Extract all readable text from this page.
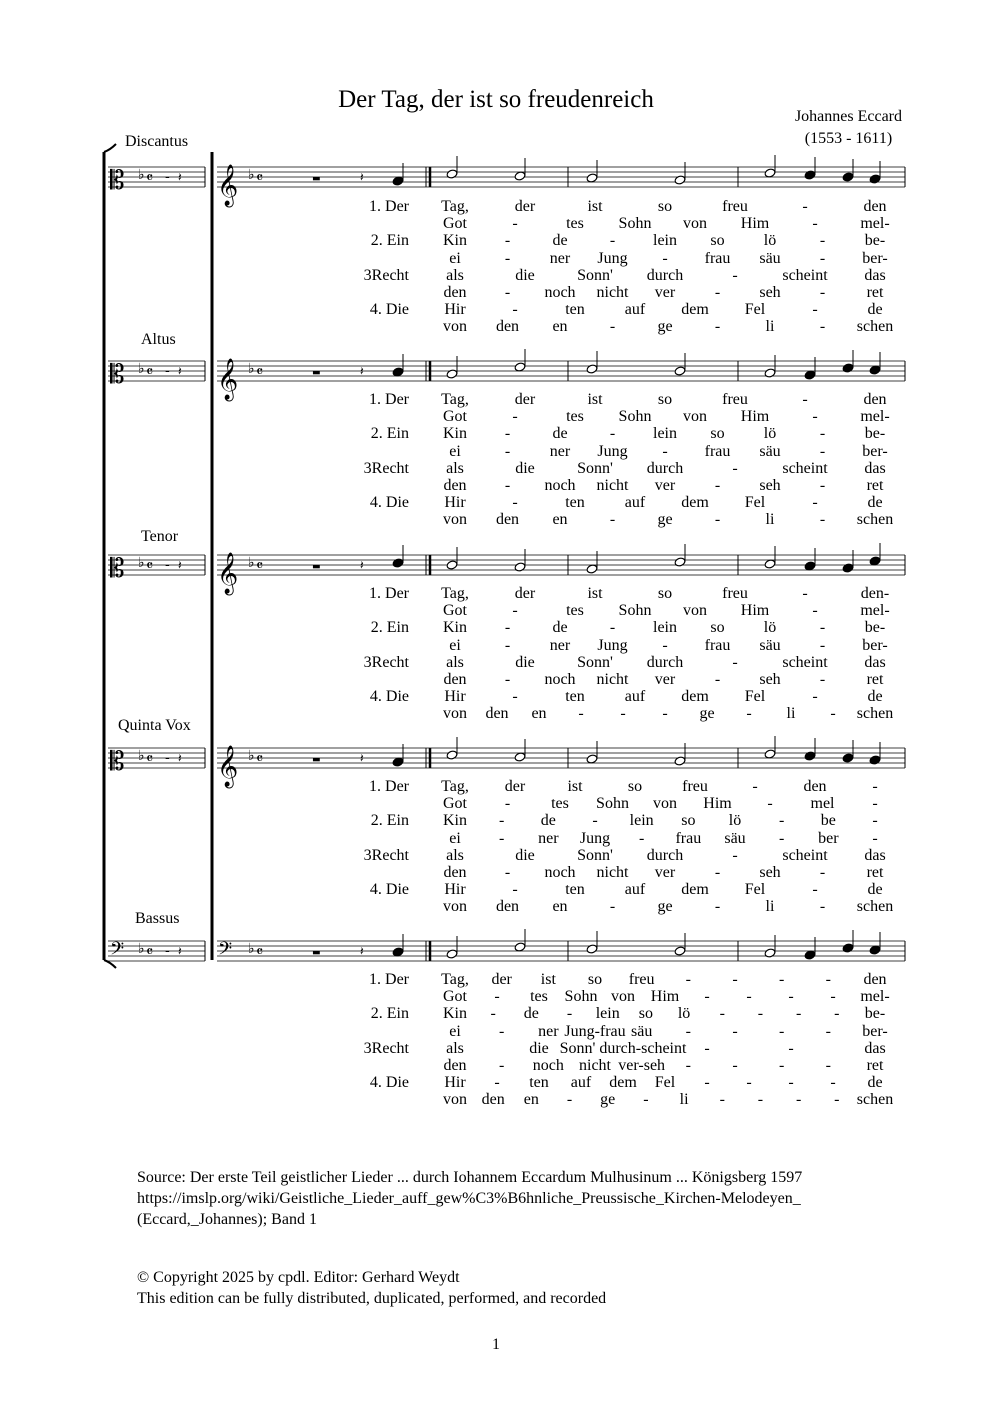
𝄡	𝄞
♭	♭
𝄴	𝄴
- 𝄽	▬	𝄽
𝄡	𝄞
♭	♭
𝄴	𝄴
- 𝄽	▬	𝄽
𝄡	𝄞
♭	♭
𝄴	𝄴
- 𝄽	▬	𝄽
𝄡	𝄞
♭	♭
𝄴	𝄴
- 𝄽	▬	𝄽
𝄢	𝄢
♭	♭
𝄴	𝄴
- 𝄽	▬	𝄽
Der Tag, der ist so freudenreich
Johannes Eccard
(1553 - 1611)
Discantus
Altus
Tenor
Quinta Vox
Bassus
1. Der
2. Ein
3Recht
4. Die
Tag,	der	ist	so	freu	-	den
Got	-	tes Sohn von Him	-	mel-
Kin -	de	- lein so lö	- be-
ei	- ner Jung - frau säu - ber-
als	die	Sonn' durch	-	scheint das
den - noch nicht ver - seh -	ret
Hir	-	ten	auf dem Fel	-	de
von den en	-	ge	-	li	- schen
1. Der
2. Ein
3Recht
4. Die
Tag,	der	ist	so	freu	-	den
Got	-	tes Sohn von Him	-	mel-
Kin -	de	- lein so lö	- be-
ei	- ner Jung - frau säu - ber-
als	die	Sonn' durch	-	scheint das
den - noch nicht ver - seh -	ret
Hir	-	ten	auf dem Fel	-	de
von den en	-	ge	-	li	- schen
1. Der
2. Ein
3Recht
4. Die
Tag,	der	ist	so	freu	-	den-
Got	-	tes Sohn von Him	-	mel-
Kin -	de	- lein so lö	- be-
ei	- ner Jung - frau säu - ber-
als	die	Sonn' durch	-	scheint das
den - noch nicht ver - seh -	ret
Hir	-	ten	auf dem Fel	-	de
von den en - - - ge - li - schen
1. Der
2. Ein
3Recht
4. Die
Tag, der	ist	so	freu	-	den	-
Got -	tes Sohn von Him - mel -
Kin - de - lein so lö - be -
ei - ner Jung - frau säu - ber -
als	die	Sonn' durch	-	scheint das
den - noch nicht ver - seh -	ret
Hir	-	ten	auf dem Fel	-	de
von den en	-	ge	-	li	- schen
1. Der
2. Ein
3Recht
4. Die
Tag, der ist so freu -	-	-	- den
Got - tes Sohn von Him - - - - mel-
Kin - de - lein so lö - - - - be-
ei - ner Jung-frau säu -	-	-	- ber-
als	die Sonn' durch-scheint -	-	das
den - noch nicht ver-seh -	-	-	- ret
Hir - ten auf dem Fel - - - - de
von den en - ge - li - - - - schen
Source: Der erste Teil geistlicher Lieder ... durch Iohannem Eccardum Mulhusinum ... Königsberg 1597
https://imslp.org/wiki/Geistliche_Lieder_auff_gew%C3%B6hnliche_Preussische_Kirchen-Melodeyen_
(Eccard,_Johannes); Band 1
© Copyright 2025 by cpdl. Editor: Gerhard Weydt
This edition can be fully distributed, duplicated, performed, and recorded
1
